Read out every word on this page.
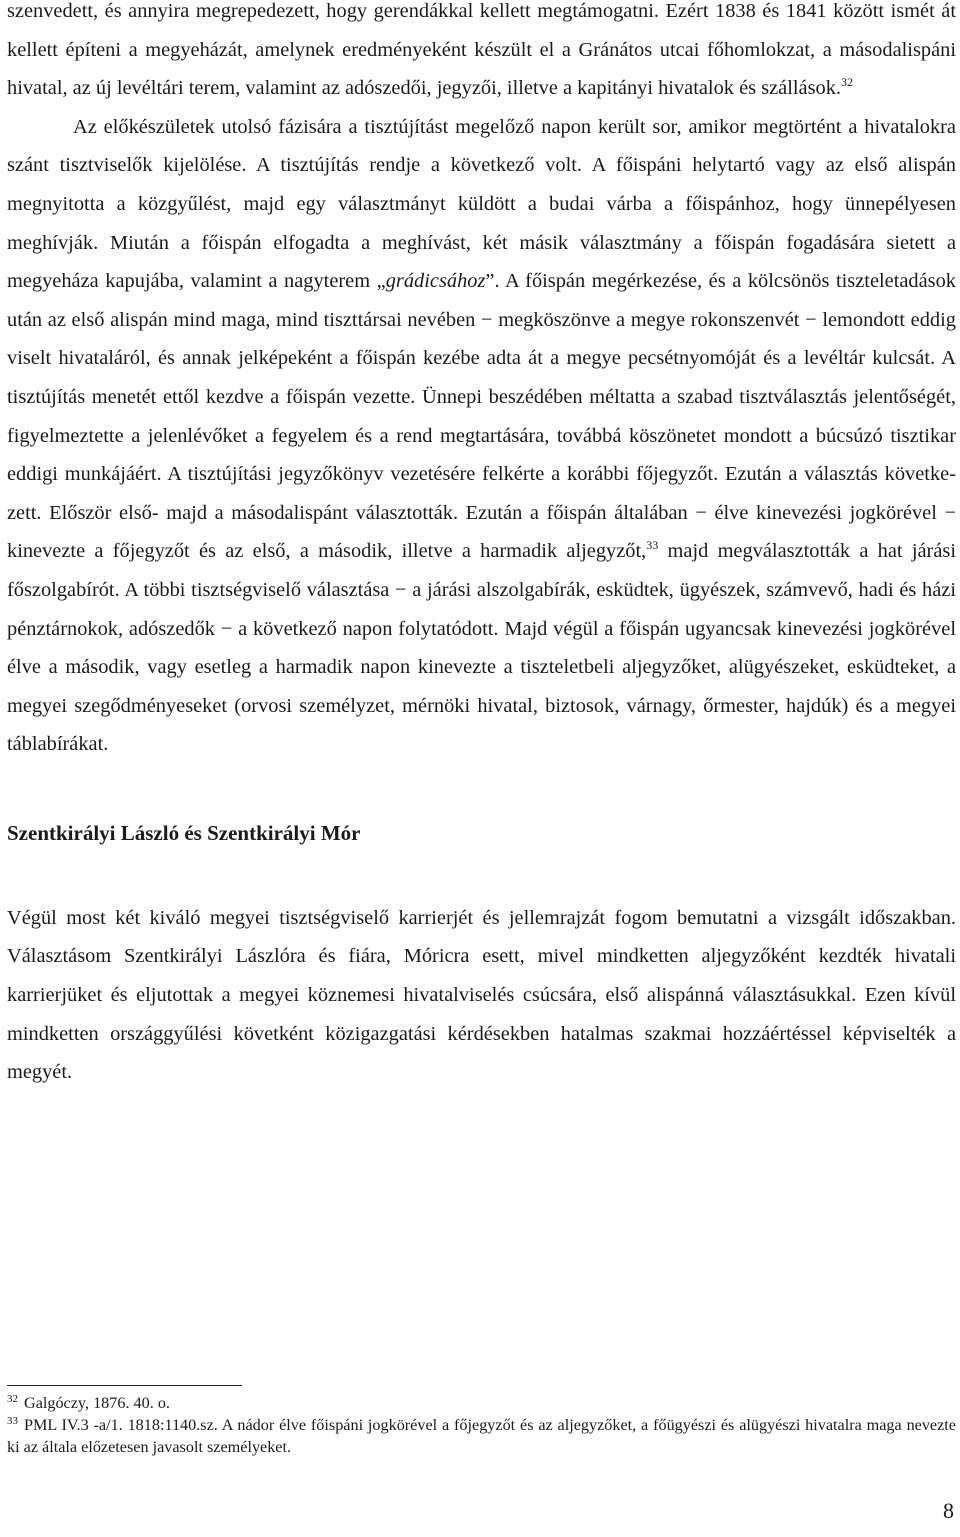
szenvedett, és annyira megrepedezett, hogy gerendákkal kellett megtámogatni. Ezért 1838 és 1841 között ismét át kellett építeni a megyeházát, amelynek eredményeként készült el a Gránátos utcai főhomlokzat, a másodalispáni hivatal, az új levéltári terem, valamint az adószedői, jegyzői, illetve a kapitányi hivatalok és szállások.$^{32}$

Az előkészületek utolsó fázisára a tisztújítást megelőző napon került sor, amikor megtörtént a hivatalokra szánt tisztviselők kijelölése. A tisztújítás rendje a következő volt. A főispáni helytartó vagy az első alispán megnyitotta a közgyűlést, majd egy választmányt küldött a budai várba a főispánhoz, hogy ünnepélyesen meghívják. Miután a főispán elfogadta a meghívást, két másik választmány a főispán fogadására sietett a megyeháza kapujába, valamint a nagyterem „grádicsához”. A főispán megérkezése, és a kölcsönös tiszteletadások után az első alispán mind maga, mind tiszttársai nevében − megköszönve a megye rokonszenvét − lemondott eddig viselt hivataláról, és annak jelképeként a főispán kezébe adta át a megye pecsétnyomóját és a levéltár kulcsát. A tisztújítás menetét ettől kezdve a főispán vezette. Ünnepi beszédében méltatta a szabad tisztválasztás jelentőségét, figyelmeztette a jelenlévőket a fegyelem és a rend megtartására, továbbá köszönetet mondott a búcsúzó tisztikar eddigi munkájáért. A tisztújítási jegyzőkönyv vezetésére felkérte a korábbi főjegyzőt. Ezután a választás következett. Először első- majd a másodalispánt választották. Ezután a főispán általában − élve kinevezési jogkörével − kinevezte a főjegyzőt és az első, a második, illetve a harmadik aljegyzőt,$^{33}$ majd megválasztották a hat járási főszolgabírót. A többi tisztségviselő választása − a járási alszolgabírák, esküdtek, ügyészek, számvevő, hadi és házi pénztárnokok, adószedők − a következő napon folytatódott. Majd végül a főispán ugyancsak kinevezési jogkörével élve a második, vagy esetleg a harmadik napon kinevezte a tiszteletbeli aljegyzőket, alügyészeket, esküdteket, a megyei szegődményeseket (orvosi személyzet, mérnöki hivatal, biztosok, várnagy, őrmester, hajdúk) és a megyei táblabírákat.

Szentkirályi László és Szentkirályi Mór

Végül most két kiváló megyei tisztségviselő karrierjét és jellemrajzát fogom bemutatni a vizsgált időszakban. Választásom Szentkirályi Lászlóra és fiára, Móricra esett, mivel mindketten aljegyzőként kezdték hivatali karrierjüket és eljutottak a megyei köznemesi hivatalviselés csúcsára, első alispánná választásukkal. Ezen kívül mindketten országgyűlési követként közigazgatási kérdésekben hatalmas szakmai hozzáértéssel képviselték a megyét.

$^{32}$ Galgóczy, 1876. 40. o.

$^{33}$ PML IV.3 -a/1. 1818:1140.sz. A nádor élve főispáni jogkörével a főjegyzőt és az aljegyzőket, a főügyészi és alügyészi hivatalra maga nevezte ki az általa előzetesen javasolt személyeket.

8
